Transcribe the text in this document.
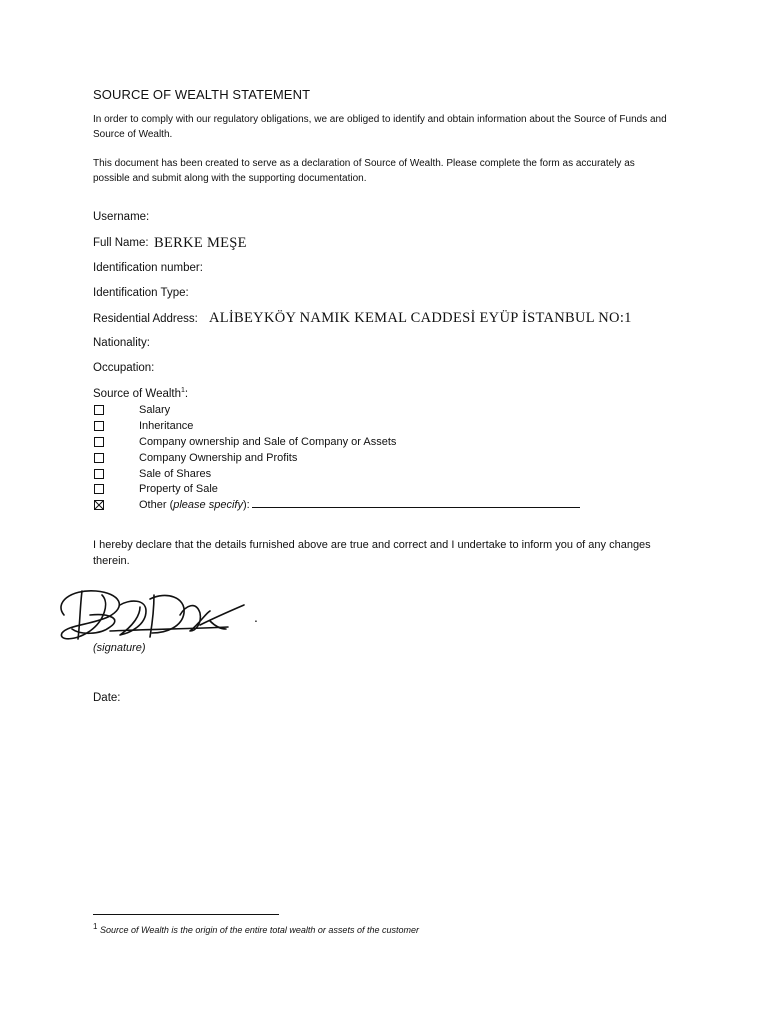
SOURCE OF WEALTH STATEMENT
In order to comply with our regulatory obligations, we are obliged to identify and obtain information about the Source of Funds and Source of Wealth.
This document has been created to serve as a declaration of Source of Wealth. Please complete the form as accurately as possible and submit along with the supporting documentation.
Username:
Full Name: BERKE MEŞE
Identification number:
Identification Type:
Residential Address: ALİBEYKÖY NAMIK KEMAL CADDESİ EYÜP İSTANBUL NO:1
Nationality:
Occupation:
Source of Wealth$^1$:
Salary
Inheritance
Company ownership and Sale of Company or Assets
Company Ownership and Profits
Sale of Shares
Property of Sale
Other (please specify):
I hereby declare that the details furnished above are true and correct and I undertake to inform you of any changes therein.
.
(signature)
Date:
$^1$ Source of Wealth is the origin of the entire total wealth or assets of the customer
